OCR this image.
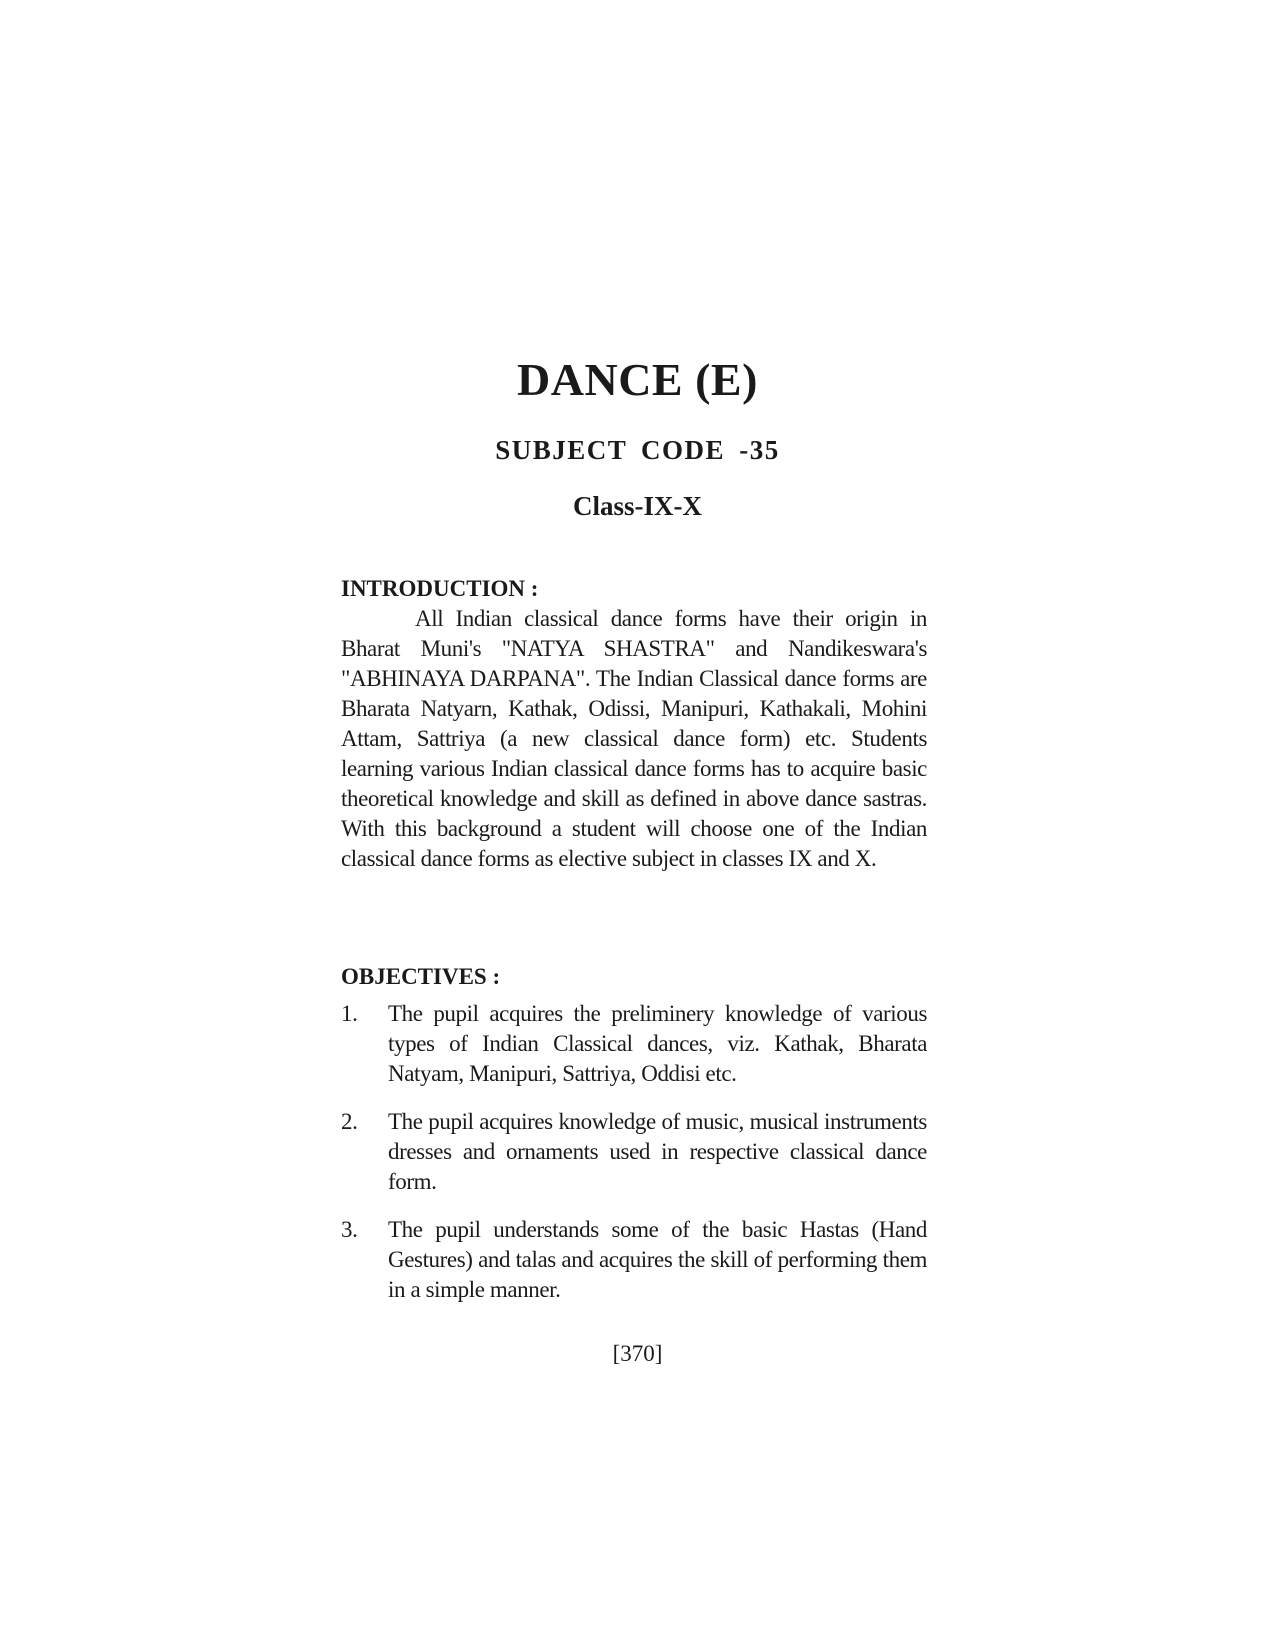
DANCE (E)
SUBJECT CODE -35
Class-IX-X
INTRODUCTION :

All Indian classical dance forms have their origin in Bharat Muni's "NATYA SHASTRA" and Nandikeswara's "ABHINAYA DARPANA". The Indian Classical dance forms are Bharata Natyarn, Kathak, Odissi, Manipuri, Kathakali, Mohini Attam, Sattriya (a new classical dance form) etc. Students learning various Indian classical dance forms has to acquire basic theoretical knowledge and skill as defined in above dance sastras. With this background a student will choose one of the Indian classical dance forms as elective subject in classes IX and X.

OBJECTIVES :
1. The pupil acquires the preliminery knowledge of various types of Indian Classical dances, viz. Kathak, Bharata Natyam, Manipuri, Sattriya, Oddisi etc.
2. The pupil acquires knowledge of music, musical instruments dresses and ornaments used in respective classical dance form.
3. The pupil understands some of the basic Hastas (Hand Gestures) and talas and acquires the skill of performing them in a simple manner.
[370]
